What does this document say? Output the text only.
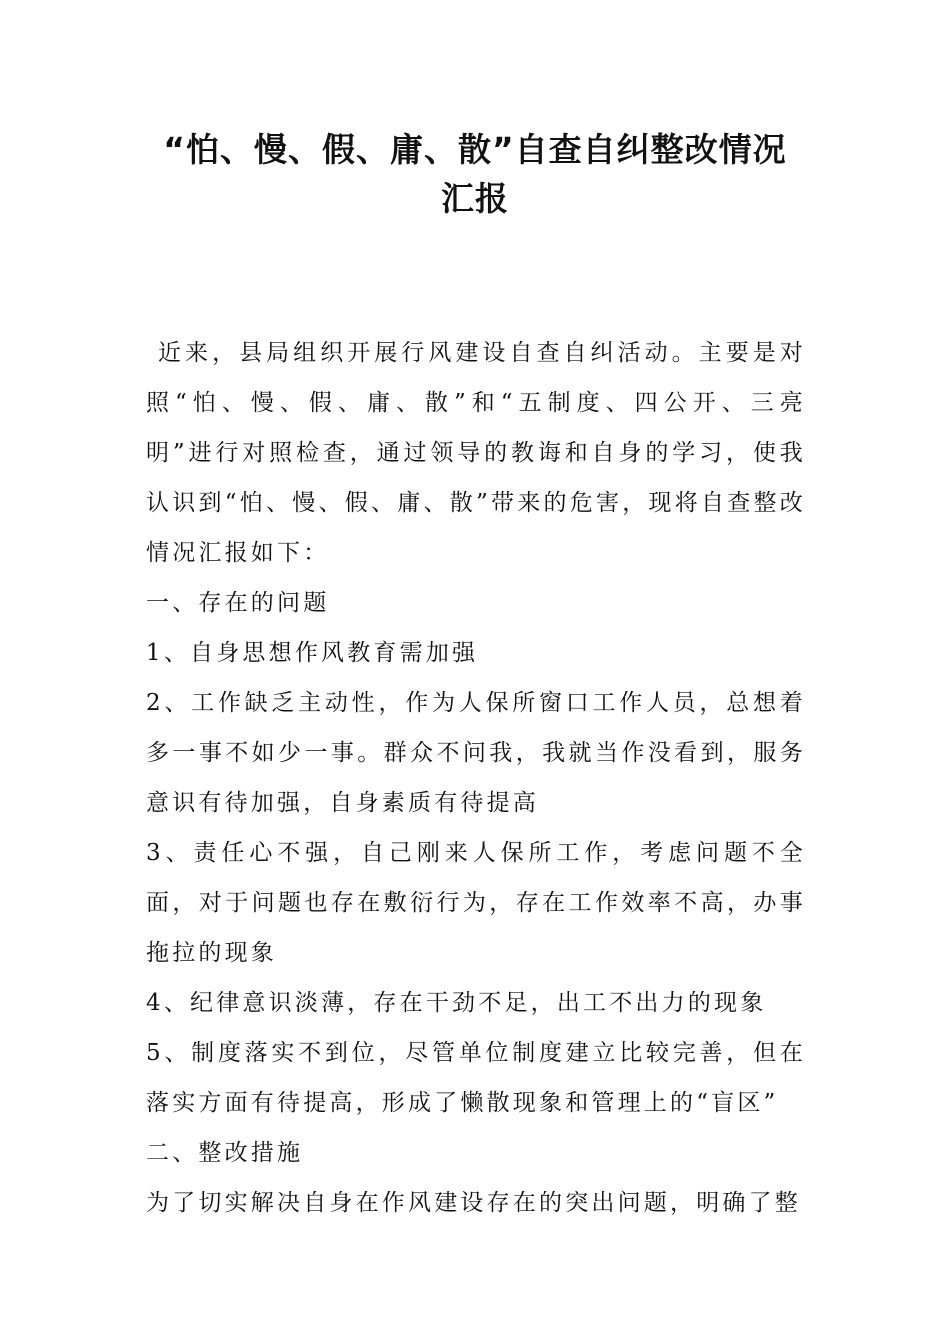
“怕、慢、假、庸、散”自查自纠整改情况汇报

近来，县局组织开展行风建设自查自纠活动。主要是对照“怕、慢、假、庸、散”和“五制度、四公开、三亮明”进行对照检查，通过领导的教诲和自身的学习，使我认识到“怕、慢、假、庸、散”带来的危害，现将自查整改情况汇报如下：

一、存在的问题

1、自身思想作风教育需加强

2、工作缺乏主动性，作为人保所窗口工作人员，总想着多一事不如少一事。群众不问我，我就当作没看到，服务意识有待加强，自身素质有待提高

3、责任心不强，自己刚来人保所工作，考虑问题不全面，对于问题也存在敷衍行为，存在工作效率不高，办事拖拉的现象

4、纪律意识淡薄，存在干劲不足，出工不出力的现象

5、制度落实不到位，尽管单位制度建立比较完善，但在落实方面有待提高，形成了懒散现象和管理上的“盲区”

二、整改措施

为了切实解决自身在作风建设存在的突出问题，明确了整
